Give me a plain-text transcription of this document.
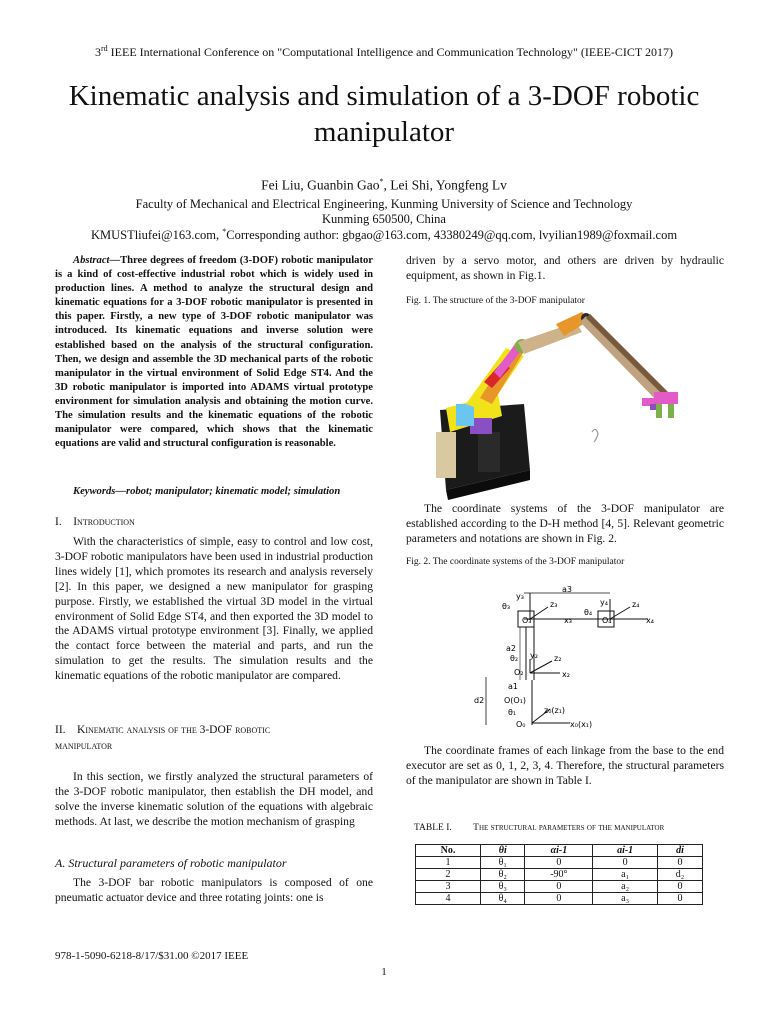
3rd IEEE International Conference on "Computational Intelligence and Communication Technology" (IEEE-CICT 2017)
Kinematic analysis and simulation of a 3-DOF robotic manipulator
Fei Liu, Guanbin Gao*, Lei Shi, Yongfeng Lv
Faculty of Mechanical and Electrical Engineering, Kunming University of Science and Technology
Kunming 650500, China
KMUSTliufei@163.com, *Corresponding author: gbgao@163.com, 43380249@qq.com, lvyilian1989@foxmail.com
Abstract—Three degrees of freedom (3-DOF) robotic manipulator is a kind of cost-effective industrial robot which is widely used in production lines. A method to analyze the structural design and kinematic equations for a 3-DOF robotic manipulator is presented in this paper. Firstly, a new type of 3-DOF robotic manipulator was introduced. Its kinematic equations and inverse solution were established based on the analysis of the structural configuration. Then, we design and assemble the 3D mechanical parts of the robotic manipulator in the virtual environment of Solid Edge ST4. And the 3D robotic manipulator is imported into ADAMS virtual prototype environment for simulation analysis and obtaining the motion curve. The simulation results and the kinematic equations of the robotic manipulator were compared, which shows that the kinematic equations are valid and structural configuration is reasonable.
Keywords—robot; manipulator; kinematic model; simulation
I. Introduction
With the characteristics of simple, easy to control and low cost, 3-DOF robotic manipulators have been used in industrial production lines widely [1], which promotes its research and analysis reversely [2]. In this paper, we designed a new manipulator for grasping purpose. Firstly, we established the virtual 3D model in the virtual environment of Solid Edge ST4, and then exported the 3D model to the ADAMS virtual prototype environment [3]. Finally, we applied the contact force between the material and parts, and run the simulation to get the results. The simulation results and the kinematic equations of the robotic manipulator are compared.
II. Kinematic analysis of the 3-DOF robotic
manipulator
In this section, we firstly analyzed the structural parameters of the 3-DOF robotic manipulator, then establish the DH model, and solve the inverse kinematic solution of the equations with algebraic methods. At last, we describe the motion mechanism of grasping
A. Structural parameters of robotic manipulator
The 3-DOF bar robotic manipulators is composed of one pneumatic actuator device and three rotating joints: one is
driven by a servo motor, and others are driven by hydraulic equipment, as shown in Fig.1.
Fig. 1. The structure of the 3-DOF manipulator
The coordinate systems of the 3-DOF manipulator are established according to the D-H method [4, 5]. Relevant geometric parameters and notations are shown in Fig. 2.
Fig. 2. The coordinate systems of the 3-DOF manipulator
a3
y₃
z₃
x₃
θ₃
O₃
y₄	z₄
x₄
θ₄
O₄
a2
y₂ z₂
x₂
θ₂
O₂
a1
d2 O(O₁)
θ₁
O₀
z₀(z₁)
x₀(x₁)
The coordinate frames of each linkage from the base to the end executor are set as 0, 1, 2, 3, 4. Therefore, the structural parameters of the manipulator are shown in Table I.
TABLE I. The structural parameters of the manipulator
No.	θi	αi-1	ai-1	di
1	θ₁	0	0	0
2	θ₂	-90°	a₁	d₂
3	θ₃	0	a₂	0
4	θ₄	0	a₃	0
978-1-5090-6218-8/17/$31.00 ©2017 IEEE
1
